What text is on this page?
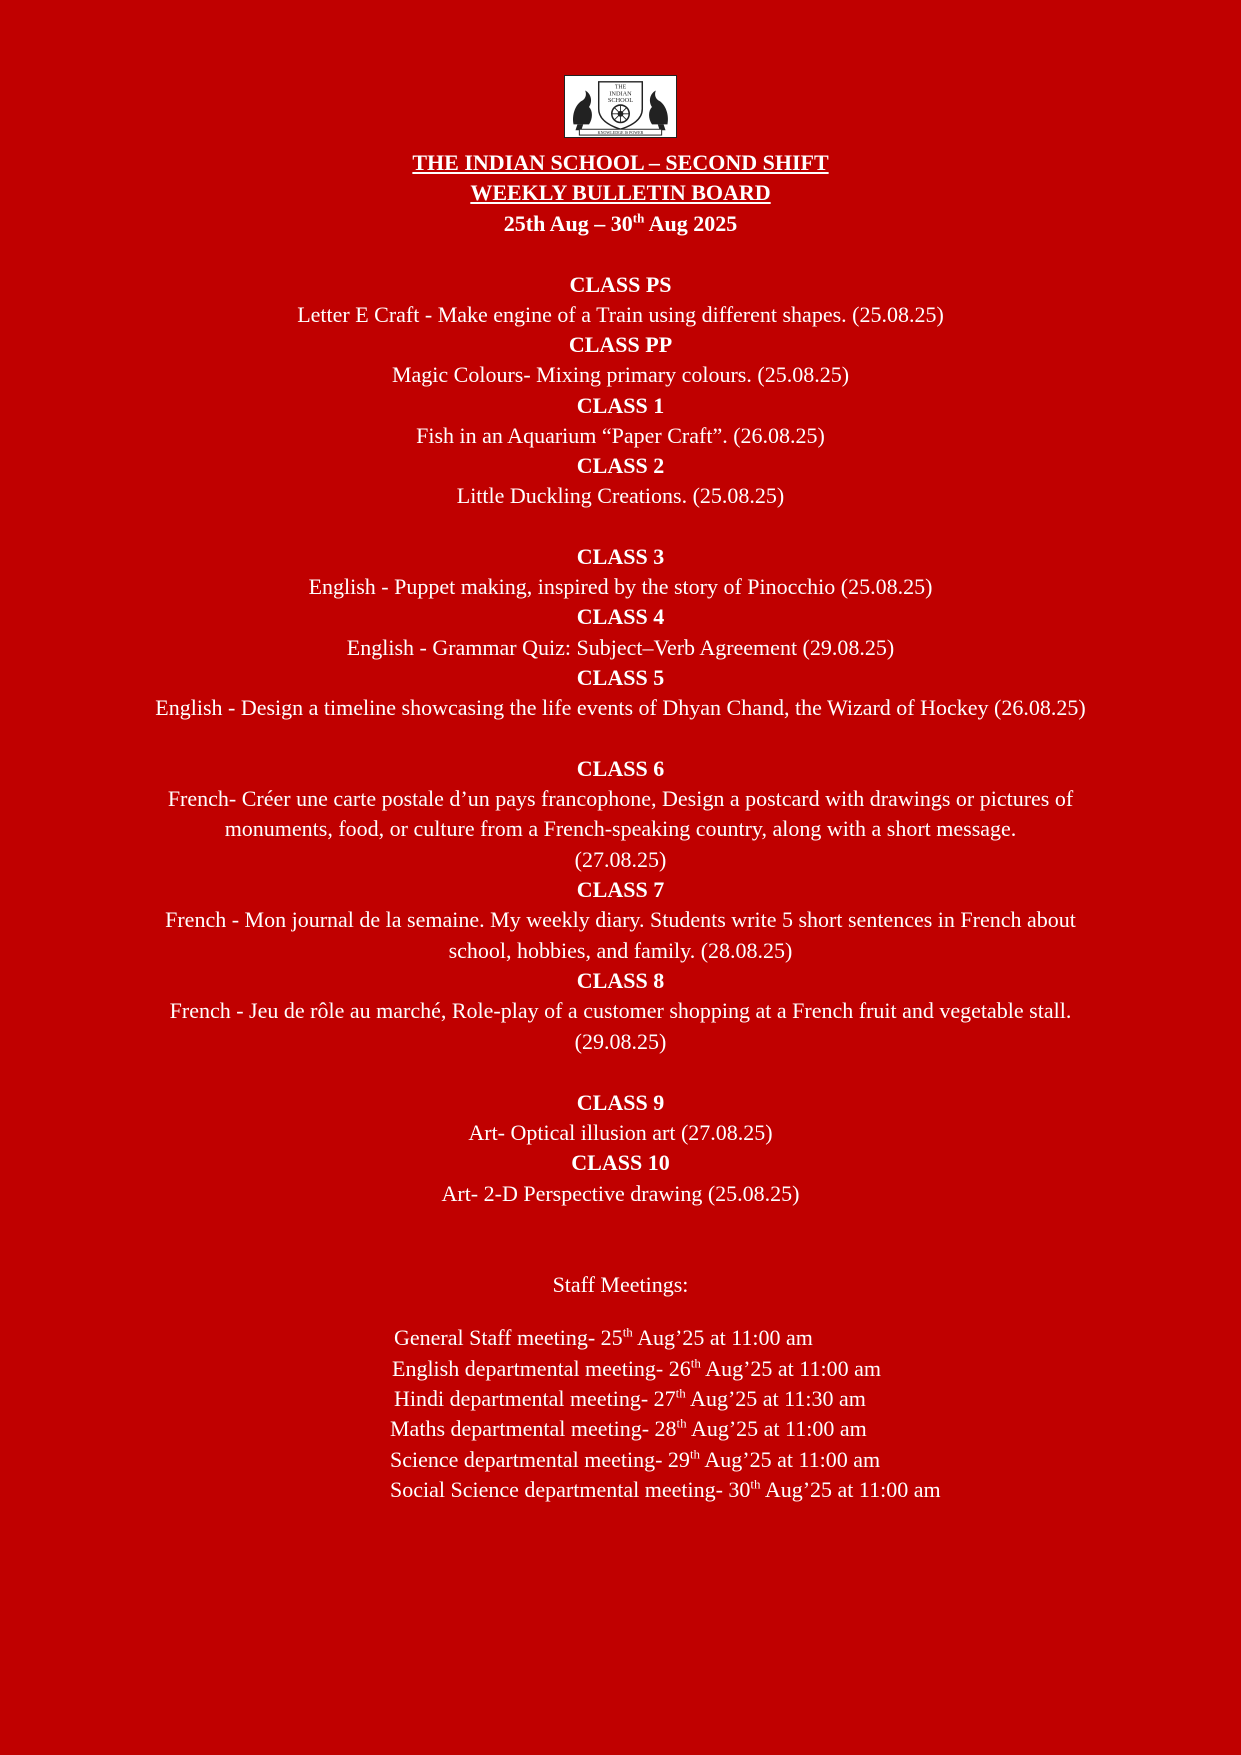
THE
INDIAN
SCHOOL
KNOWLEDGE IS POWER
THE INDIAN SCHOOL – SECOND SHIFT
WEEKLY BULLETIN BOARD
25th Aug – 30th Aug 2025
CLASS PS
Letter E Craft - Make engine of a Train using different shapes. (25.08.25)
CLASS PP
Magic Colours- Mixing primary colours. (25.08.25)
CLASS 1
Fish in an Aquarium “Paper Craft”. (26.08.25)
CLASS 2
Little Duckling Creations. (25.08.25)
CLASS 3
English - Puppet making, inspired by the story of Pinocchio (25.08.25)
CLASS 4
English - Grammar Quiz: Subject–Verb Agreement (29.08.25)
CLASS 5
English - Design a timeline showcasing the life events of Dhyan Chand, the Wizard of Hockey (26.08.25)
CLASS 6
French- Créer une carte postale d’un pays francophone, Design a postcard with drawings or pictures of
monuments, food, or culture from a French-speaking country, along with a short message.
(27.08.25)
CLASS 7
French - Mon journal de la semaine. My weekly diary. Students write 5 short sentences in French about
school, hobbies, and family. (28.08.25)
CLASS 8
French - Jeu de rôle au marché, Role-play of a customer shopping at a French fruit and vegetable stall.
(29.08.25)
CLASS 9
Art- Optical illusion art (27.08.25)
CLASS 10
Art- 2-D Perspective drawing (25.08.25)
Staff Meetings:
General Staff meeting- 25th Aug’25 at 11:00 am
English departmental meeting- 26th Aug’25 at 11:00 am
Hindi departmental meeting- 27th Aug’25 at 11:30 am
Maths departmental meeting- 28th Aug’25 at 11:00 am
Science departmental meeting- 29th Aug’25 at 11:00 am
Social Science departmental meeting- 30th Aug’25 at 11:00 am
